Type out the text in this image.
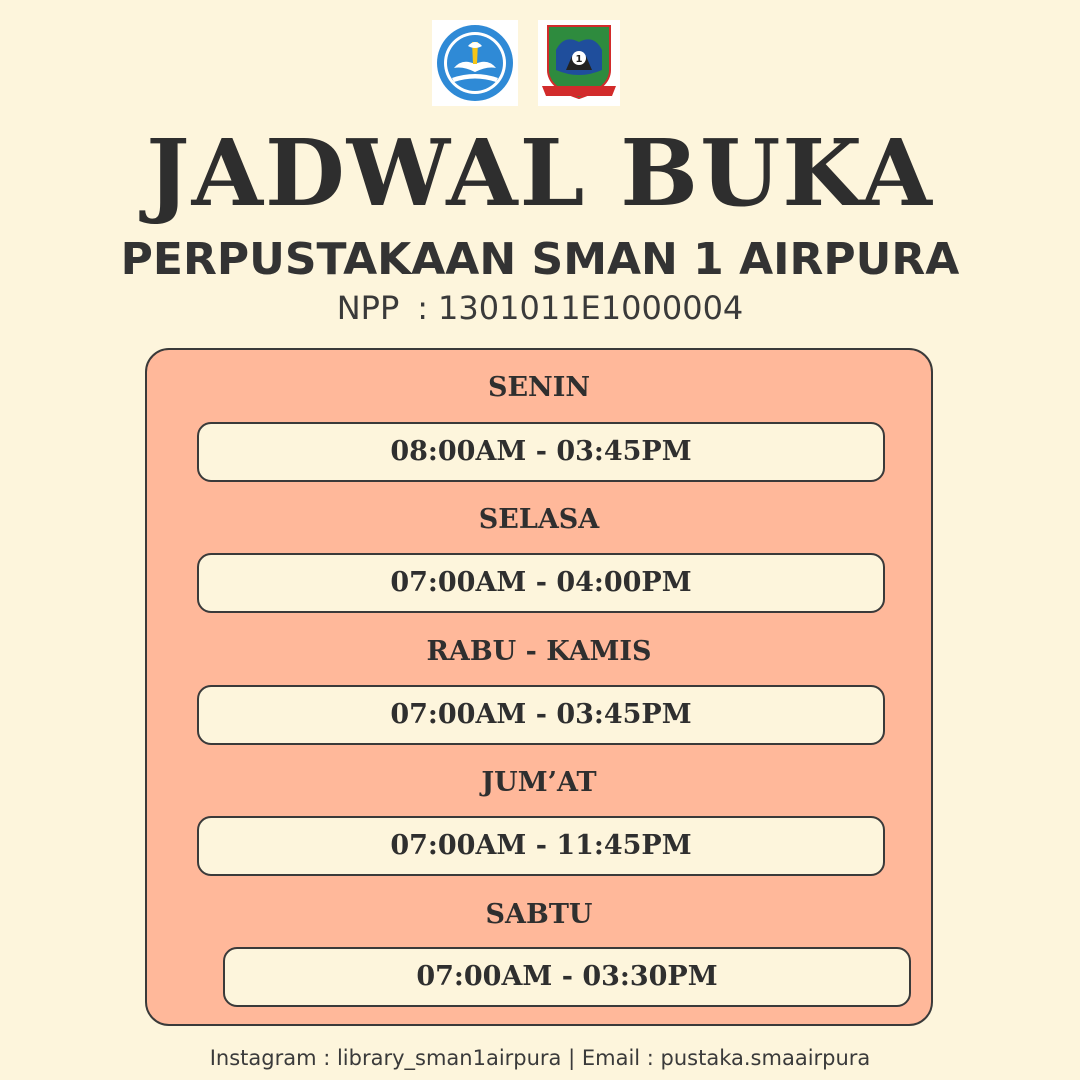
1
JADWAL BUKA
PERPUSTAKAAN SMAN 1 AIRPURA
NPP : 1301011E1000004
SENIN
08:00AM - 03:45PM
SELASA
07:00AM - 04:00PM
RABU - KAMIS
07:00AM - 03:45PM
JUM’AT
07:00AM - 11:45PM
SABTU
07:00AM - 03:30PM
Instagram : library_sman1airpura | Email : pustaka.smaairpura
